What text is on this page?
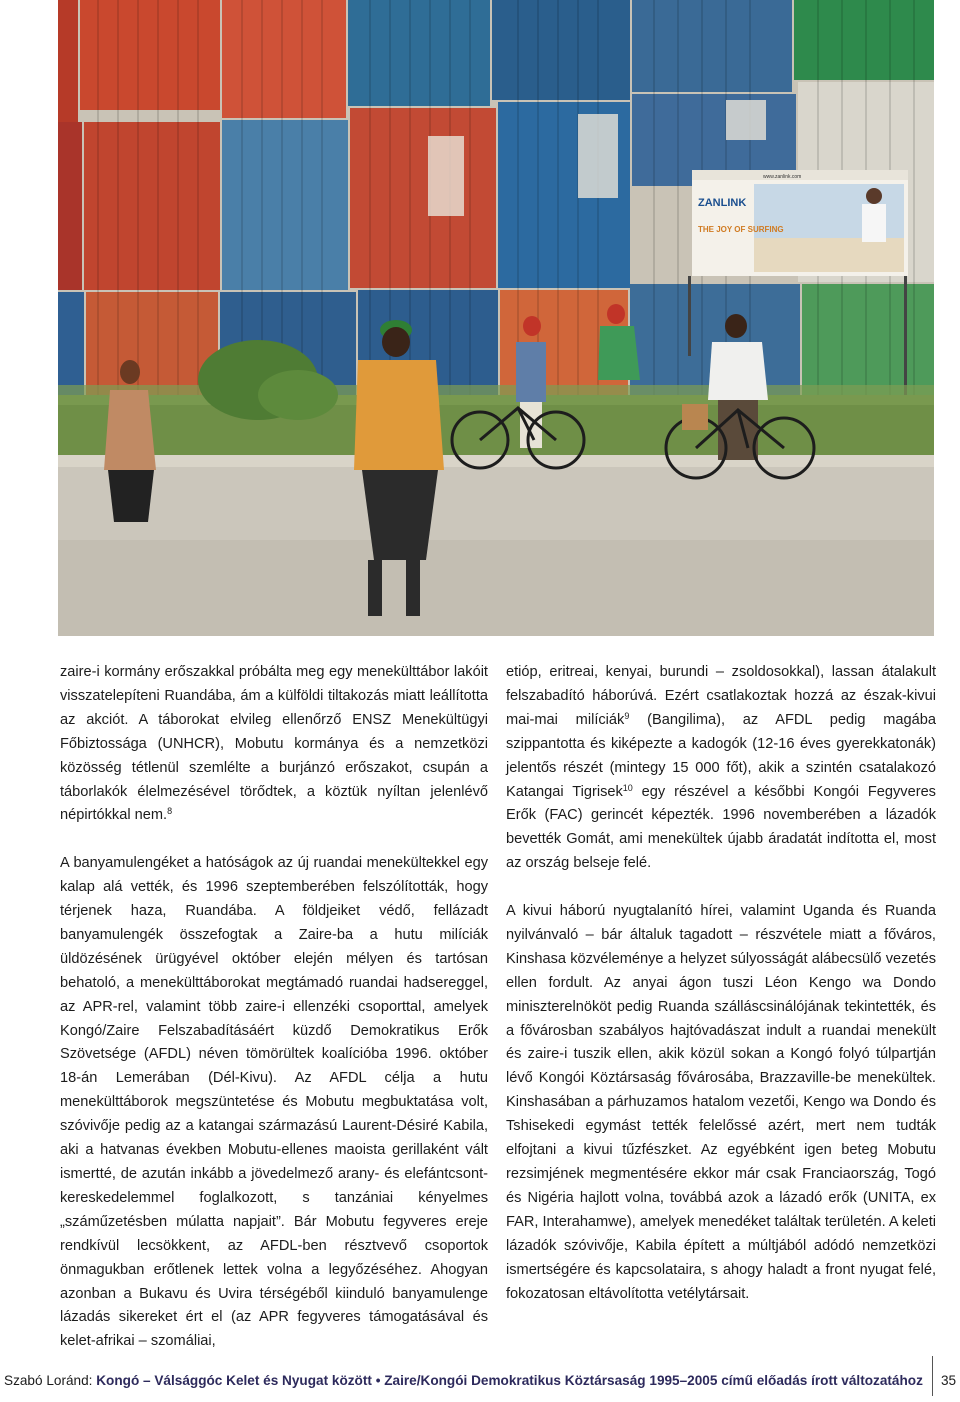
ZANLINK
THE JOY OF SURFING
www.zanlink.com

zaire-i kormány erőszakkal próbálta meg egy menekülttábor lakóit visszatelepíteni Ruandába, ám a külföldi tiltakozás miatt leállította az akciót. A táborokat elvileg ellenőrző ENSZ Menekültügyi Főbiztossága (UNHCR), Mobutu kormánya és a nemzetközi közösség tétlenül szemlélte a burjánzó erőszakot, csupán a táborlakók élelmezésével törődtek, a köztük nyíltan jelenlévő népirtókkal nem.$^8$

A banyamulengéket a hatóságok az új ruandai menekültekkel egy kalap alá vették, és 1996 szeptemberében felszólították, hogy térjenek haza, Ruandába. A földjeiket védő, fellázadt banyamulengék összefogtak a Zaire-ba a hutu milíciák üldözésének ürügyével október elején mélyen és tartósan behatoló, a menekülttáborokat megtámadó ruandai hadsereggel, az APR-rel, valamint több zaire-i ellenzéki csoporttal, amelyek Kongó/Zaire Felszabadításáért küzdő Demokratikus Erők Szövetsége (AFDL) néven tömörültek koalícióba 1996. október 18-án Lemerában (Dél-Kivu). Az AFDL célja a hutu menekülttáborok megszüntetése és Mobutu megbuktatása volt, szóvivője pedig az a katangai származású Laurent-Désiré Kabila, aki a hatvanas években Mobutu-ellenes maoista gerillaként vált ismertté, de azután inkább a jövedelmező arany- és elefántcsont-kereskedelemmel foglalkozott, s tanzániai kényelmes „száműzetésben múlatta napjait”. Bár Mobutu fegyveres ereje rendkívül lecsökkent, az AFDL-ben résztvevő csoportok önmagukban erőtlenek lettek volna a legyőzéséhez. Ahogyan azonban a Bukavu és Uvira térségéből kiinduló banyamulenge lázadás sikereket ért el (az APR fegyveres támogatásával és kelet-afrikai – szomáliai,

etióp, eritreai, kenyai, burundi – zsoldosokkal), lassan átalakult felszabadító háborúvá. Ezért csatlakoztak hozzá az észak-kivui mai-mai milíciák$^9$ (Bangilima), az AFDL pedig magába szippantotta és kiképezte a kadogók (12-16 éves gyerekkatonák) jelentős részét (mintegy 15 000 főt), akik a szintén csatalakozó Katangai Tigrisek$^{10}$ egy részével a későbbi Kongói Fegyveres Erők (FAC) gerincét képezték. 1996 novemberében a lázadók bevették Gomát, ami menekültek újabb áradatát indította el, most az ország belseje felé.

A kivui háború nyugtalanító hírei, valamint Uganda és Ruanda nyilvánvaló – bár általuk tagadott – részvétele miatt a főváros, Kinshasa közvéleménye a helyzet súlyosságát alábecsülő vezetés ellen fordult. Az anyai ágon tuszi Léon Kengo wa Dondo miniszterelnököt pedig Ruanda szálláscsinálójának tekintették, és a fővárosban szabályos hajtóvadászat indult a ruandai menekült és zaire-i tuszik ellen, akik közül sokan a Kongó folyó túlpartján lévő Kongói Köztársaság fővárosába, Brazzaville-be menekültek. Kinshasában a párhuzamos hatalom vezetői, Kengo wa Dondo és Tshisekedi egymást tették felelőssé azért, mert nem tudták elfojtani a kivui tűzfészket. Az egyébként igen beteg Mobutu rezsimjének megmentésére ekkor már csak Franciaország, Togó és Nigéria hajlott volna, továbbá azok a lázadó erők (UNITA, ex FAR, Interahamwe), amelyek menedéket találtak területén. A keleti lázadók szóvivője, Kabila épített a múltjából adódó nemzetközi ismertségére és kapcsolataira, s ahogy haladt a front nyugat felé, fokozatosan eltávolította vetélytársait.

Szabó Loránd: Kongó – Válsággóc Kelet és Nyugat között • Zaire/Kongói Demokratikus Köztársaság 1995–2005 című előadás írott változatához 35
